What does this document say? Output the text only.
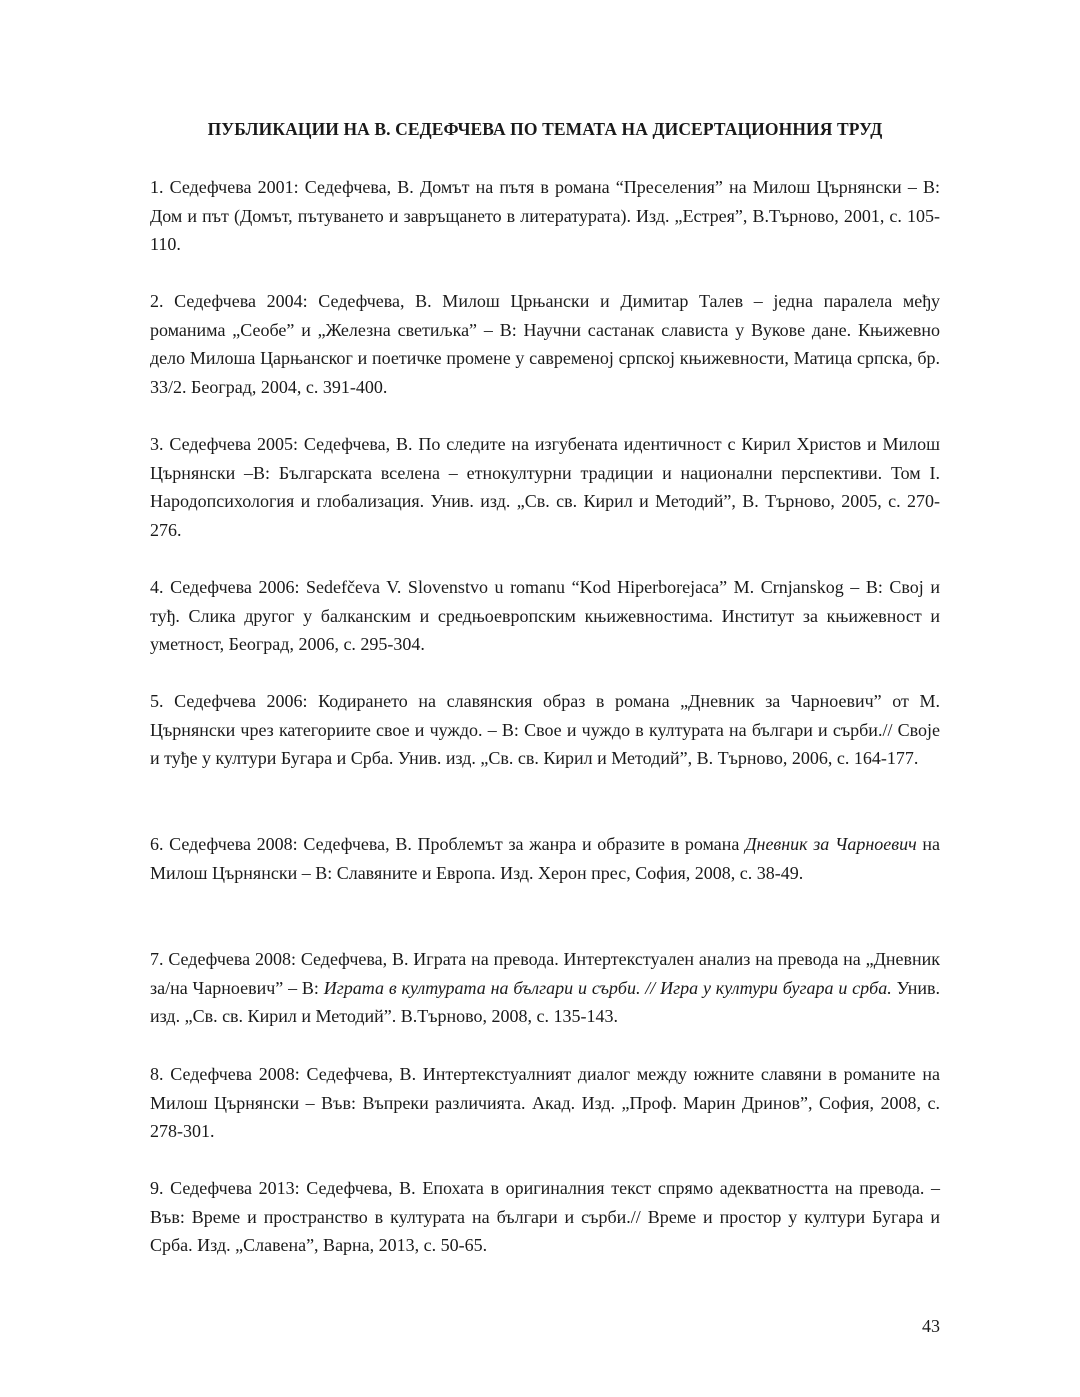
ПУБЛИКАЦИИ НА В. СЕДЕФЧЕВА ПО ТЕМАТА НА ДИСЕРТАЦИОННИЯ ТРУД

1. Седефчева 2001: Седефчева, В. Домът на пътя в романа “Преселения” на Милош Църнянски – В: Дом и път (Домът, пътуването и завръщането в литературата). Изд. „Естрея”, В.Търново, 2001, с. 105-110.

2. Седефчева 2004: Седефчева, В. Милош Црњански и Димитар Талев – једна паралела међу романима „Сеобе” и „Железна светиљка” – В: Научни састанак слависта у Вукове дане. Књижевно дело Милоша Царњанског и поетичке промене у савременој српској књижевности, Матица српска, бр. 33/2. Београд, 2004, с. 391-400.

3. Седефчева 2005: Седефчева, В. По следите на изгубената идентичност с Кирил Христов и Милош Църнянски –В: Българската вселена – етнокултурни традиции и национални перспективи. Том I. Народопсихология и глобализация. Унив. изд. „Св. св. Кирил и Методий”, В. Търново, 2005, с. 270-276.

4. Седефчева 2006: Sedefčeva V. Slovenstvo u romanu “Kod Hiperborejaca” M. Crnjanskog – В: Свој и туђ. Слика другог у балканским и средњоевропским књижевностима. Институт за књижевност и уметност, Београд, 2006, с. 295-304.

5. Седефчева 2006: Кодирането на славянския образ в романа „Дневник за Чарноевич” от М. Църнянски чрез категориите свое и чуждо. – В: Свое и чуждо в културата на българи и сърби.// Своје и туђе у култури Бугара и Срба. Унив. изд. „Св. св. Кирил и Методий”, В. Търново, 2006, с. 164-177.

6. Седефчева 2008: Седефчева, В. Проблемът за жанра и образите в романа Дневник за Чарноевич на Милош Църнянски – В: Славяните и Европа. Изд. Херон прес, София, 2008, с. 38-49.

7. Седефчева 2008: Седефчева, В. Играта на превода. Интертекстуален анализ на превода на „Дневник за/на Чарноевич” – В: Играта в културата на българи и сърби. // Игра у култури бугара и срба. Унив. изд. „Св. св. Кирил и Методий”. В.Търново, 2008, с. 135-143.

8. Седефчева 2008: Седефчева, В. Интертекстуалният диалог между южните славяни в романите на Милош Църнянски – Във: Въпреки различията. Акад. Изд. „Проф. Марин Дринов”, София, 2008, с. 278-301.

9. Седефчева 2013: Седефчева, В. Епохата в оригиналния текст спрямо адекватността на превода. – Във: Време и пространство в културата на българи и сърби.// Време и простор у култури Бугара и Срба. Изд. „Славена”, Варна, 2013, с. 50-65.

43
